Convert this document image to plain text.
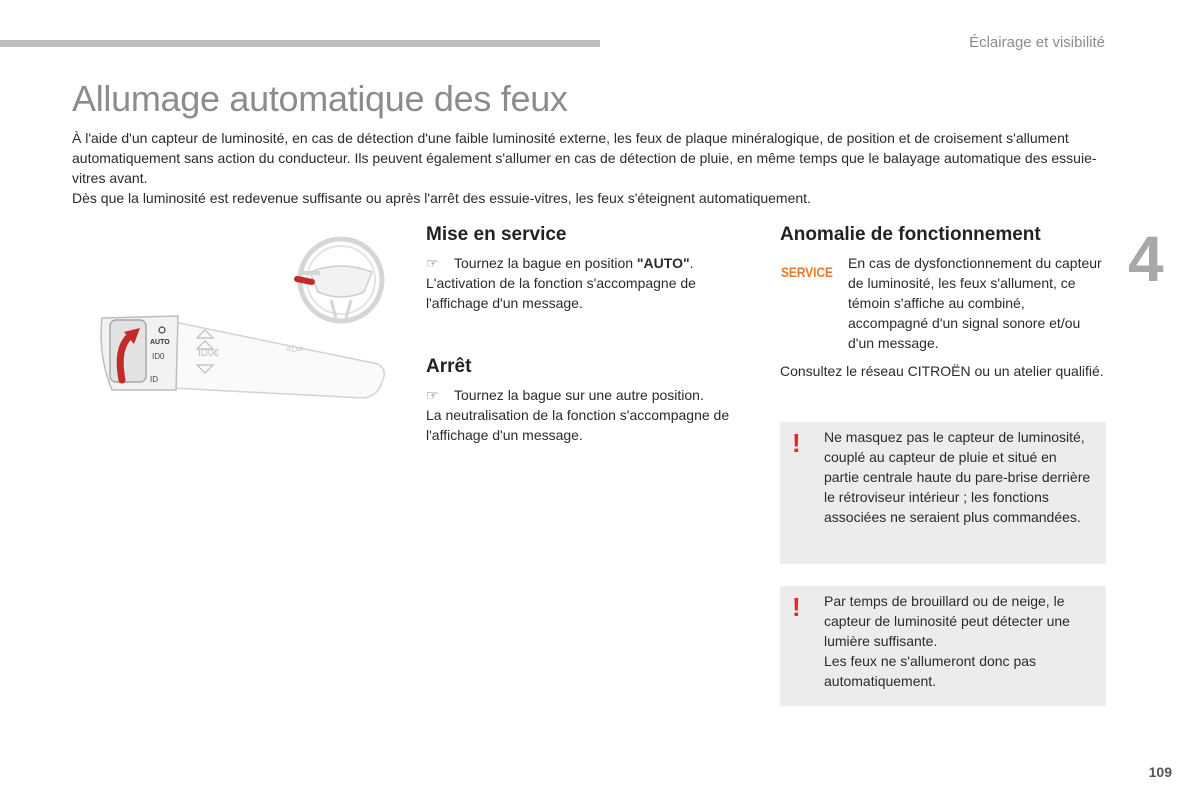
Éclairage et visibilité
Allumage automatique des feux

À l'aide d'un capteur de luminosité, en cas de détection d'une faible luminosité externe, les feux de plaque minéralogique, de position et de croisement s'allument automatiquement sans action du conducteur. Ils peuvent également s'allumer en cas de détection de pluie, en même temps que le balayage automatique des essuie-vitres avant.

Dès que la luminosité est redevenue suffisante ou après l'arrêt des essuie-vitres, les feux s'éteignent automatiquement.

ID0€	≡D≡
AUTO
ID0
ID
Mise en service

☞ Tournez la bague en position "AUTO".

L'activation de la fonction s'accompagne de l'affichage d'un message.

Arrêt

☞ Tournez la bague sur une autre position.

La neutralisation de la fonction s'accompagne de l'affichage d'un message.

Anomalie de fonctionnement
SERVICE

En cas de dysfonctionnement du capteur de luminosité, les feux s'allument, ce témoin s'affiche au combiné, accompagné d'un signal sonore et/ou d'un message.

Consultez le réseau CITROËN ou un atelier qualifié.

! Ne masquez pas le capteur de luminosité, couplé au capteur de pluie et situé en partie centrale haute du pare-brise derrière le rétroviseur intérieur ; les fonctions associées ne seraient plus commandées.

! Par temps de brouillard ou de neige, le capteur de luminosité peut détecter une lumière suffisante.

Les feux ne s'allumeront donc pas automatiquement.

4
109
